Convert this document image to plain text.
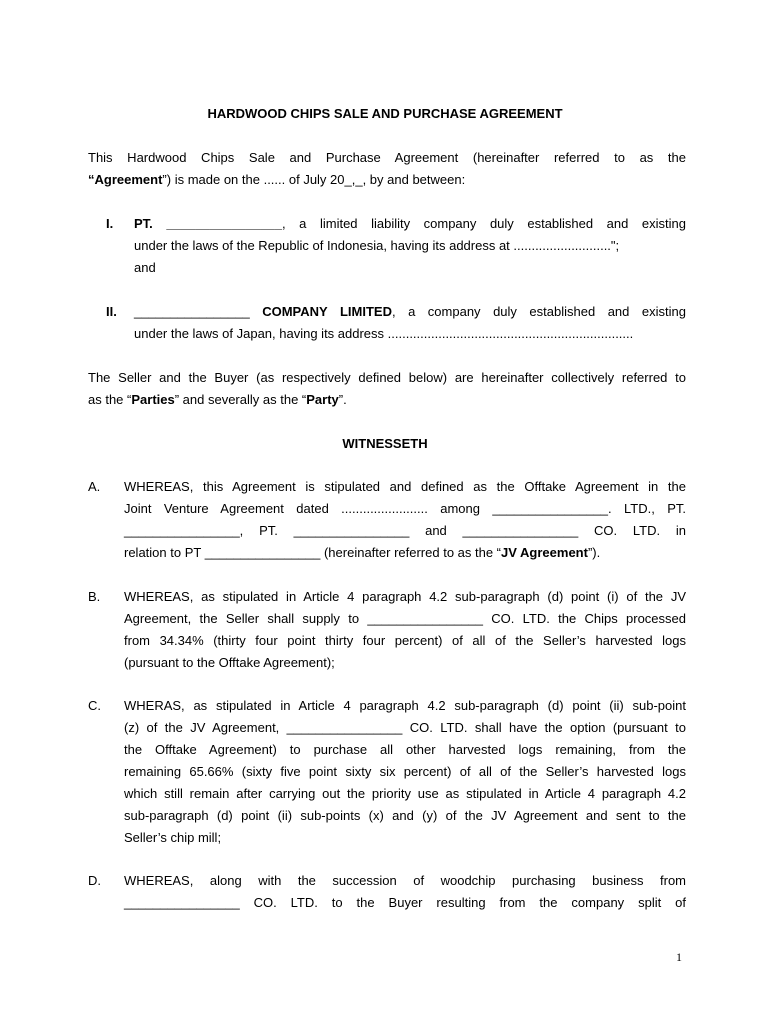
HARDWOOD CHIPS SALE AND PURCHASE AGREEMENT
This Hardwood Chips Sale and Purchase Agreement (hereinafter referred to as the
“Agreement”) is made on the ...... of July 20_,_, by and between:
I. PT. ________________, a limited liability company duly established and existing
under the laws of the Republic of Indonesia, having its address at ...........................";
and
II. ________________ COMPANY LIMITED, a company duly established and existing
under the laws of Japan, having its address ....................................................................
The Seller and the Buyer (as respectively defined below) are hereinafter collectively referred to
as the “Parties” and severally as the “Party”.
WITNESSETH
A. WHEREAS, this Agreement is stipulated and defined as the Offtake Agreement in the
Joint Venture Agreement dated ........................ among ________________. LTD., PT.
________________, PT. ________________ and ________________ CO. LTD. in
relation to PT ________________ (hereinafter referred to as the “JV Agreement”).
B. WHEREAS, as stipulated in Article 4 paragraph 4.2 sub-paragraph (d) point (i) of the JV
Agreement, the Seller shall supply to ________________ CO. LTD. the Chips processed
from 34.34% (thirty four point thirty four percent) of all of the Seller’s harvested logs
(pursuant to the Offtake Agreement);
C. WHERAS, as stipulated in Article 4 paragraph 4.2 sub-paragraph (d) point (ii) sub-point
(z) of the JV Agreement, ________________ CO. LTD. shall have the option (pursuant to
the Offtake Agreement) to purchase all other harvested logs remaining, from the
remaining 65.66% (sixty five point sixty six percent) of all of the Seller’s harvested logs
which still remain after carrying out the priority use as stipulated in Article 4 paragraph 4.2
sub-paragraph (d) point (ii) sub-points (x) and (y) of the JV Agreement and sent to the
Seller’s chip mill;
D. WHEREAS, along with the succession of woodchip purchasing business from
________________ CO. LTD. to the Buyer resulting from the company split of
1
